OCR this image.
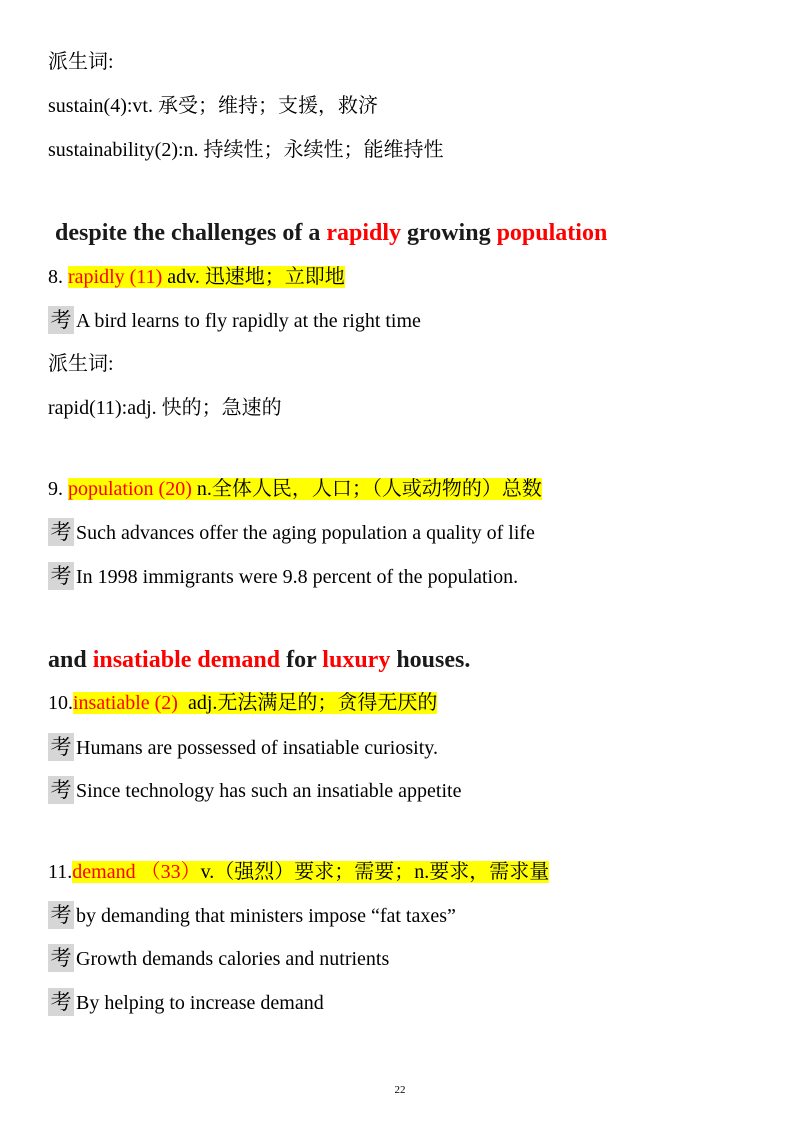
派生词:
sustain(4):vt. 承受；维持；支援，救济
sustainability(2):n. 持续性；永续性；能维持性
despite the challenges of a rapidly growing population
8. rapidly (11) adv. 迅速地；立即地
考 A bird learns to fly rapidly at the right time
派生词:
rapid(11):adj. 快的；急速的
9. population (20) n.全体人民，人口；（人或动物的）总数
考 Such advances offer the aging population a quality of life
考 In 1998 immigrants were 9.8 percent of the population.
and insatiable demand for luxury houses.
10.insatiable (2)  adj.无法满足的；贪得无厌的
考 Humans are possessed of insatiable curiosity.
考 Since technology has such an insatiable appetite
11.demand （33）v.（强烈）要求；需要；n.要求，需求量
考 by demanding that ministers impose “fat taxes”
考 Growth demands calories and nutrients
考 By helping to increase demand
22
